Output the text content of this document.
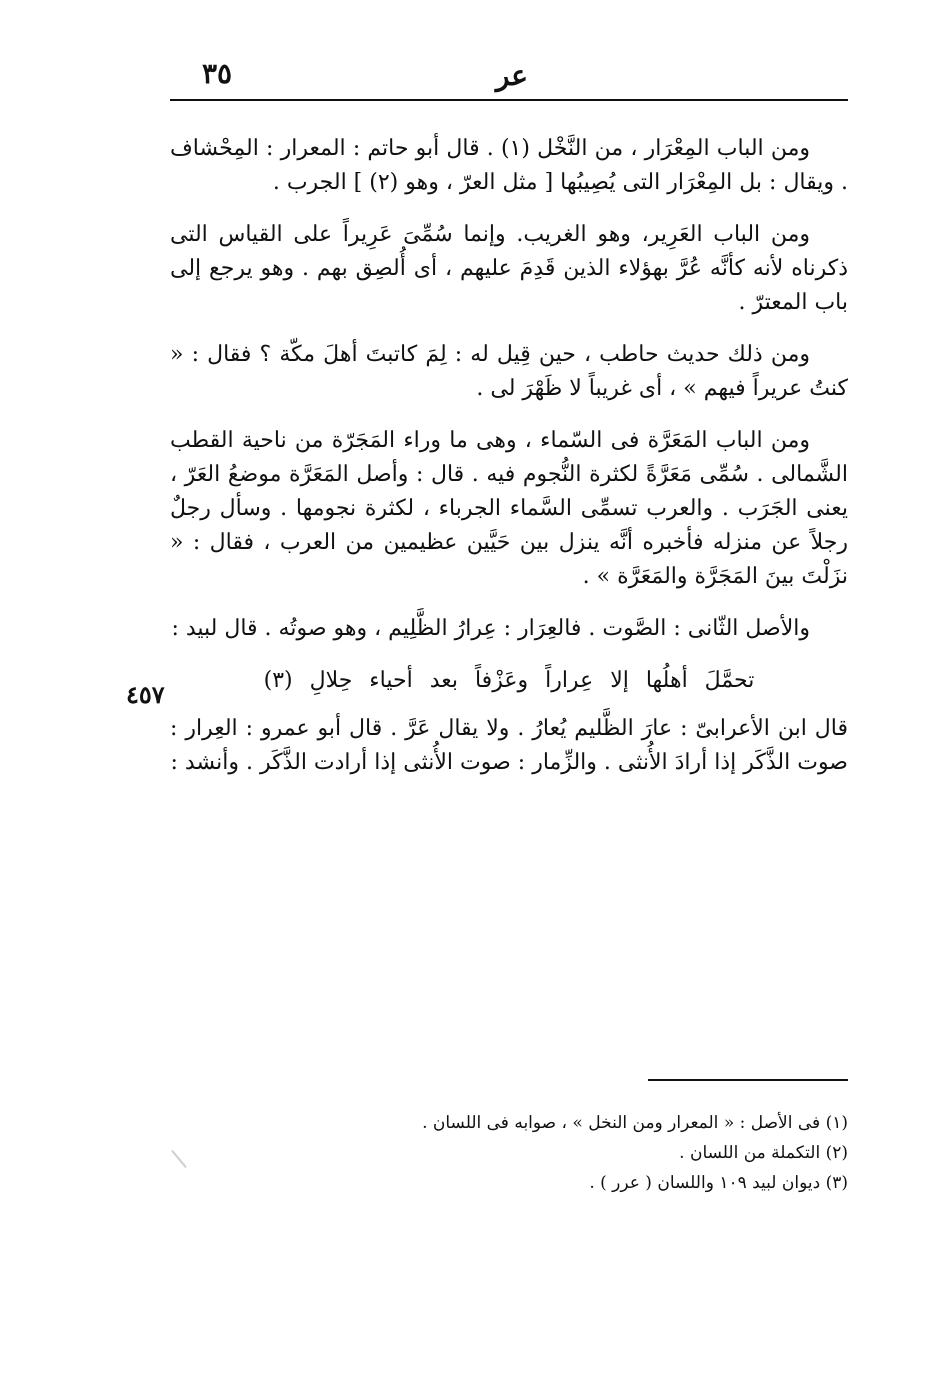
عر
٣٥
٤٥٧

ومن الباب المِعْرَار ، من النَّخْل (١) . قال أبو حاتم : المعرار : المِحْشاف . ويقال : بل المِعْرَار التى يُصِيبُها [ مثل العرّ ، وهو (٢) ] الجرب .

ومن الباب العَرِير، وهو الغريب. وإنما سُمِّىَ عَرِيراً على القياس التى ذكرناه لأنه كأنَّه عُرَّ بهؤلاء الذين قَدِمَ عليهم ، أى أُلصِق بهم . وهو يرجع إلى باب المعترّ .

ومن ذلك حديث حاطب ، حين قِيل له : لِمَ كاتبتَ أهلَ مكّة ؟ فقال : « كنتُ عريراً فيهم » ، أى غريباً لا ظَهْرَ لى .

ومن الباب المَعَرَّة فى السّماء ، وهى ما وراء المَجَرّة من ناحية القطب الشَّمالى . سُمِّى مَعَرَّةً لكثرة النُّجوم فيه . قال : وأصل المَعَرَّة موضعُ العَرّ ، يعنى الجَرَب . والعرب تسمِّى السَّماء الجرباء ، لكثرة نجومها . وسأل رجلٌ رجلاً عن منزله فأخبره أنَّه ينزل بين حَيَّين عظيمين من العرب ، فقال : « نزَلْتَ بينَ المَجَرَّة والمَعَرَّة » .

والأصل الثّانى : الصَّوت . فالعِرَار : عِرارُ الظَّلِيم ، وهو صوتُه . قال لبيد :

تحمَّلَ أهلُها إلا عِراراً وعَزْفاً بعد أحياء حِلالِ (٣)

قال ابن الأعرابىّ : عارَ الظَّليم يُعارُ . ولا يقال عَرَّ . قال أبو عمرو : العِرار : صوت الذَّكَر إذا أرادَ الأُنثى . والزِّمار : صوت الأُنثى إذا أرادت الذَّكَر . وأنشد :

(١) فى الأصل : « المعرار ومن النخل » ، صوابه فى اللسان .

(٢) التكملة من اللسان .

(٣) ديوان لبيد ١٠٩ واللسان ( عرر ) .
